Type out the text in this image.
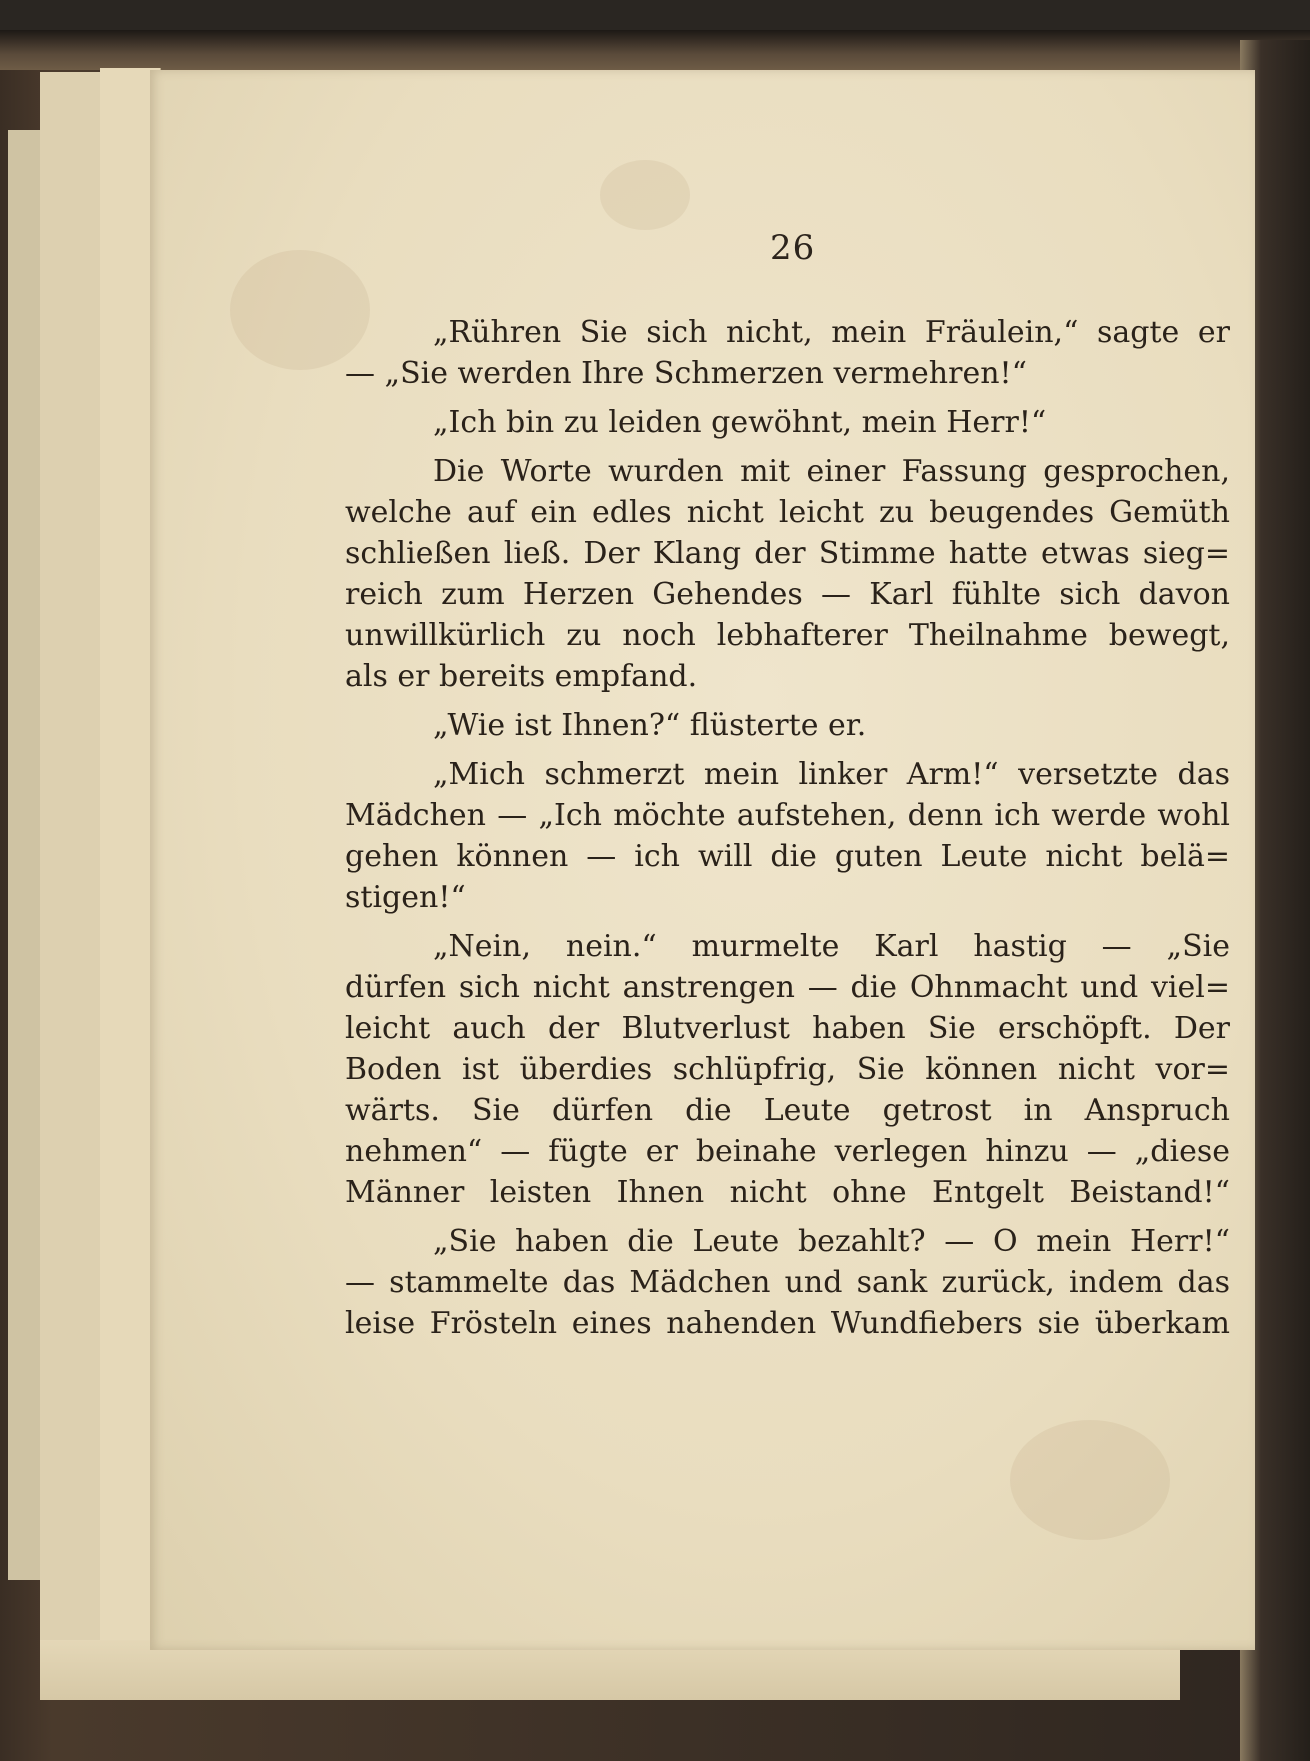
26
„Rühren Sie sich nicht, mein Fräulein,“ sagte er
— „Sie werden Ihre Schmerzen vermehren!“
„Ich bin zu leiden gewöhnt, mein Herr!“
Die Worte wurden mit einer Fassung gesprochen,
welche auf ein edles nicht leicht zu beugendes Gemüth
schließen ließ. Der Klang der Stimme hatte etwas sieg=
reich zum Herzen Gehendes — Karl fühlte sich davon
unwillkürlich zu noch lebhafterer Theilnahme bewegt,
als er bereits empfand.
„Wie ist Ihnen?“ flüsterte er.
„Mich schmerzt mein linker Arm!“ versetzte das
Mädchen — „Ich möchte aufstehen, denn ich werde wohl
gehen können — ich will die guten Leute nicht belä=
stigen!“
„Nein, nein.“ murmelte Karl hastig — „Sie
dürfen sich nicht anstrengen — die Ohnmacht und viel=
leicht auch der Blutverlust haben Sie erschöpft. Der
Boden ist überdies schlüpfrig, Sie können nicht vor=
wärts. Sie dürfen die Leute getrost in Anspruch
nehmen“ — fügte er beinahe verlegen hinzu — „diese
Männer leisten Ihnen nicht ohne Entgelt Beistand!“
„Sie haben die Leute bezahlt? — O mein Herr!“
— stammelte das Mädchen und sank zurück, indem das
leise Frösteln eines nahenden Wundfiebers sie überkam
